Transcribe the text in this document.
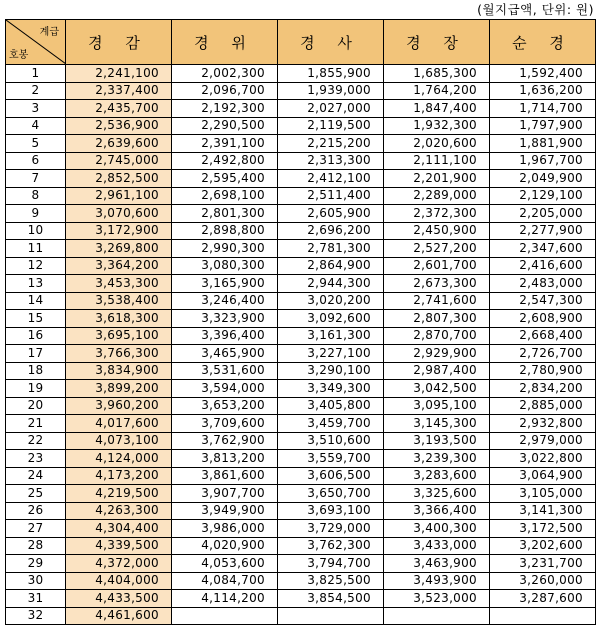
(월지급액, 단위: 원)
계급
호봉	경 감	경 위	경 사	경 장	순 경
1	2,241,100	2,002,300	1,855,900	1,685,300	1,592,400
2	2,337,400	2,096,700	1,939,000	1,764,200	1,636,200
3	2,435,700	2,192,300	2,027,000	1,847,400	1,714,700
4	2,536,900	2,290,500	2,119,500	1,932,300	1,797,900
5	2,639,600	2,391,100	2,215,200	2,020,600	1,881,900
6	2,745,000	2,492,800	2,313,300	2,111,100	1,967,700
7	2,852,500	2,595,400	2,412,100	2,201,900	2,049,900
8	2,961,100	2,698,100	2,511,400	2,289,000	2,129,100
9	3,070,600	2,801,300	2,605,900	2,372,300	2,205,000
10	3,172,900	2,898,800	2,696,200	2,450,900	2,277,900
11	3,269,800	2,990,300	2,781,300	2,527,200	2,347,600
12	3,364,200	3,080,300	2,864,900	2,601,700	2,416,600
13	3,453,300	3,165,900	2,944,300	2,673,300	2,483,000
14	3,538,400	3,246,400	3,020,200	2,741,600	2,547,300
15	3,618,300	3,323,900	3,092,600	2,807,300	2,608,900
16	3,695,100	3,396,400	3,161,300	2,870,700	2,668,400
17	3,766,300	3,465,900	3,227,100	2,929,900	2,726,700
18	3,834,900	3,531,600	3,290,100	2,987,400	2,780,900
19	3,899,200	3,594,000	3,349,300	3,042,500	2,834,200
20	3,960,200	3,653,200	3,405,800	3,095,100	2,885,000
21	4,017,600	3,709,600	3,459,700	3,145,300	2,932,800
22	4,073,100	3,762,900	3,510,600	3,193,500	2,979,000
23	4,124,000	3,813,200	3,559,700	3,239,300	3,022,800
24	4,173,200	3,861,600	3,606,500	3,283,600	3,064,900
25	4,219,500	3,907,700	3,650,700	3,325,600	3,105,000
26	4,263,300	3,949,900	3,693,100	3,366,400	3,141,300
27	4,304,400	3,986,000	3,729,000	3,400,300	3,172,500
28	4,339,500	4,020,900	3,762,300	3,433,000	3,202,600
29	4,372,000	4,053,600	3,794,700	3,463,900	3,231,700
30	4,404,000	4,084,700	3,825,500	3,493,900	3,260,000
31	4,433,500	4,114,200	3,854,500	3,523,000	3,287,600
32	4,461,600				
